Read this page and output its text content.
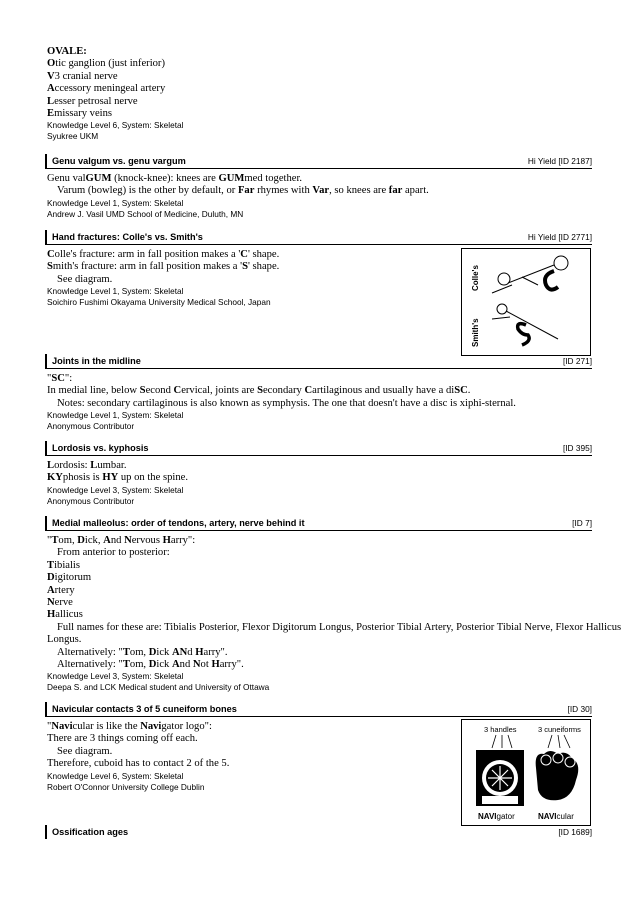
OVALE:
Otic ganglion (just inferior)
V3 cranial nerve
Accessory meningeal artery
Lesser petrosal nerve
Emissary veins
Knowledge Level 6, System: Skeletal
Syukree UKM
Genu valgum vs. genu vargum	Hi Yield [ID 2187]
Genu valGUM (knock-knee): knees are GUMmed together.
Varum (bowleg) is the other by default, or Far rhymes with Var, so knees are far apart.
Knowledge Level 1, System: Skeletal
Andrew J. Vasil UMD School of Medicine, Duluth, MN
Hand fractures: Colle's vs. Smith's	Hi Yield [ID 2771]
Colle's fracture: arm in fall position makes a 'C' shape.
Smith's fracture: arm in fall position makes a 'S' shape.
See diagram.
Knowledge Level 1, System: Skeletal
Soichiro Fushimi Okayama University Medical School, Japan
Colle's
Smith's
Joints in the midline	[ID 271]
"SC":
In medial line, below Second Cervical, joints are Secondary Cartilaginous and usually have a diSC.
Notes: secondary cartilaginous is also known as symphysis. The one that doesn't have a disc is xiphi-sternal.
Knowledge Level 1, System: Skeletal
Anonymous Contributor
Lordosis vs. kyphosis	[ID 395]
Lordosis: Lumbar.
KYphosis is HY up on the spine.
Knowledge Level 3, System: Skeletal
Anonymous Contributor
Medial malleolus: order of tendons, artery, nerve behind it	[ID 7]
"Tom, Dick, And Nervous Harry":
From anterior to posterior:
Tibialis
Digitorum
Artery
Nerve
Hallicus
Full names for these are: Tibialis Posterior, Flexor Digitorum Longus, Posterior Tibial Artery, Posterior Tibial Nerve, Flexor Hallicus
Longus.
Alternatively: "Tom, Dick ANd Harry".
Alternatively: "Tom, Dick And Not Harry".
Knowledge Level 3, System: Skeletal
Deepa S. and LCK Medical student and University of Ottawa
Navicular contacts 3 of 5 cuneiform bones	[ID 30]
"Navicular is like the Navigator logo":
There are 3 things coming off each.
See diagram.
Therefore, cuboid has to contact 2 of the 5.
Knowledge Level 6, System: Skeletal
Robert O'Connor University College Dublin
3 handles	3 cuneiforms
NAVIgator	NAVIcular
Ossification ages	[ID 1689]
